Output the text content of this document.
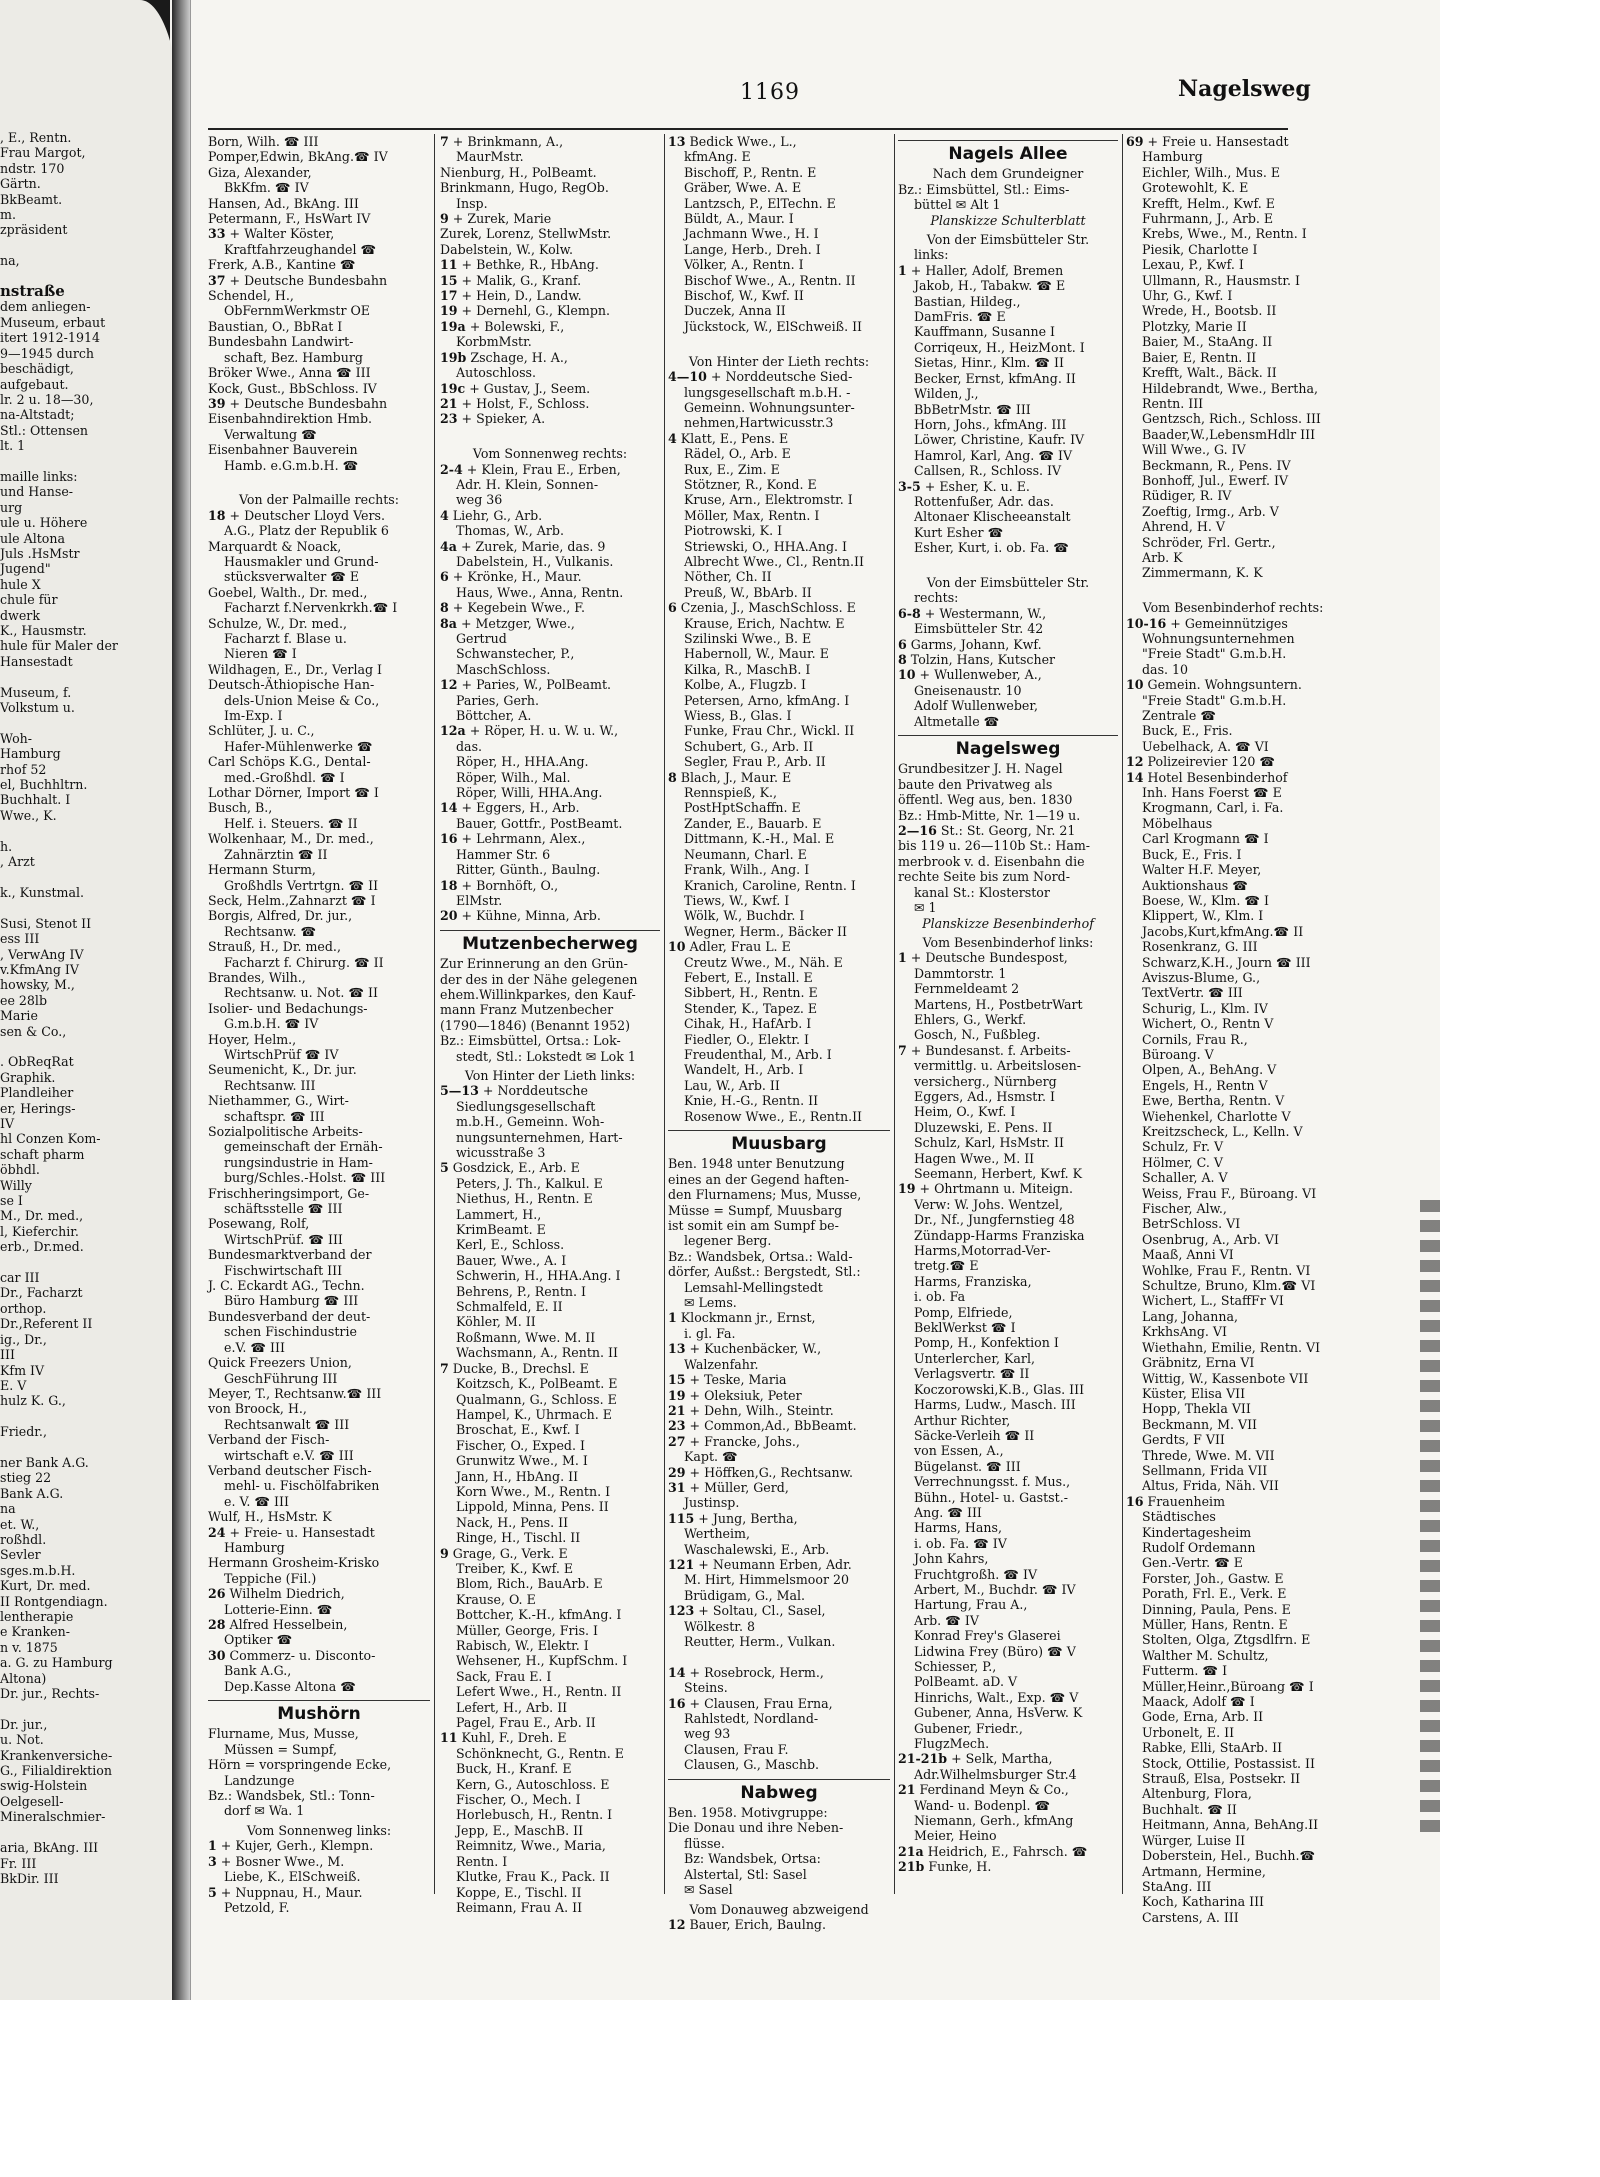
, E., Rentn.
Frau Margot,
ndstr. 170
Gärtn.
BkBeamt.
m.
zpräsident

na,

nstraße
dem anliegen-
Museum, erbaut
itert 1912-1914
9—1945 durch
beschädigt,
aufgebaut.
lr. 2 u. 18—30,
na-Altstadt;
Stl.: Ottensen
lt. 1

maille links:
und Hanse-
urg
ule u. Höhere
ule Altona
Juls .HsMstr
Jugend"
hule X
chule für
dwerk
K., Hausmstr.
hule für Maler der
Hansestadt

Museum, f.
Volkstum u.

Woh-
Hamburg
rhof 52
el, Buchhltrn.
Buchhalt. I
Wwe., K.

h.
, Arzt

k., Kunstmal.

Susi, Stenot II
ess III
, VerwAng IV
v.KfmAng IV
howsky, M.,
ee 28lb
Marie
sen & Co.,

. ObReqRat
Graphik.
Plandleiher
er, Herings-
IV
hl Conzen Kom-
schaft pharm
öbhdl.
Willy
se I
M., Dr. med.,
l, Kieferchir.
erb., Dr.med.

car III
Dr., Facharzt
orthop.
Dr.,Referent II
ig., Dr.,
III
Kfm IV
E. V
hulz K. G.,

Friedr.,

ner Bank A.G.
stieg 22
Bank A.G.
na
et. W.,
roßhdl.
Sevler
sges.m.b.H.
Kurt, Dr. med.
II Rontgendiagn.
lentherapie
e Kranken-
n v. 1875
a. G. zu Hamburg
Altona)
Dr. jur., Rechts-

Dr. jur.,
u. Not.
Krankenversiche-
G., Filialdirektion
swig-Holstein
Oelgesell-
Mineralschmier-

aria, BkAng. III
Fr. III
BkDir. III
1169	Nagelsweg
Born, Wilh. ☎ III
Pomper,Edwin, BkAng.☎ IV
Giza, Alexander,
BkKfm. ☎ IV
Hansen, Ad., BkAng. III
Petermann, F., HsWart IV
33 + Walter Köster,
Kraftfahrzeughandel ☎
Frerk, A.B., Kantine ☎
37 + Deutsche Bundesbahn
Schendel, H.,
ObFernmWerkmstr OE
Baustian, O., BbRat I
Bundesbahn Landwirt-
schaft, Bez. Hamburg
Bröker Wwe., Anna ☎ III
Kock, Gust., BbSchloss. IV
39 + Deutsche Bundesbahn
Eisenbahndirektion Hmb.
Verwaltung ☎
Eisenbahner Bauverein
Hamb. e.G.m.b.H. ☎

Von der Palmaille rechts:
18 + Deutscher Lloyd Vers.
A.G., Platz der Republik 6
Marquardt & Noack,
Hausmakler und Grund-
stücksverwalter ☎ E
Goebel, Walth., Dr. med.,
Facharzt f.Nervenkrkh.☎ I
Schulze, W., Dr. med.,
Facharzt f. Blase u.
Nieren ☎ I
Wildhagen, E., Dr., Verlag I
Deutsch-Äthiopische Han-
dels-Union Meise & Co.,
Im-Exp. I
Schlüter, J. u. C.,
Hafer-Mühlenwerke ☎
Carl Schöps K.G., Dental-
med.-Großhdl. ☎ I
Lothar Dörner, Import ☎ I
Busch, B.,
Helf. i. Steuers. ☎ II
Wolkenhaar, M., Dr. med.,
Zahnärztin ☎ II
Hermann Sturm,
Großhdls Vertrtgn. ☎ II
Seck, Helm.,Zahnarzt ☎ I
Borgis, Alfred, Dr. jur.,
Rechtsanw. ☎
Strauß, H., Dr. med.,
Facharzt f. Chirurg. ☎ II
Brandes, Wilh.,
Rechtsanw. u. Not. ☎ II
Isolier- und Bedachungs-
G.m.b.H. ☎ IV
Hoyer, Helm.,
WirtschPrüf ☎ IV
Seumenicht, K., Dr. jur.
Rechtsanw. III
Niethammer, G., Wirt-
schaftspr. ☎ III
Sozialpolitische Arbeits-
gemeinschaft der Ernäh-
rungsindustrie in Ham-
burg/Schles.-Holst. ☎ III
Frischheringsimport, Ge-
schäftsstelle ☎ III
Posewang, Rolf,
WirtschPrüf. ☎ III
Bundesmarktverband der
Fischwirtschaft III
J. C. Eckardt AG., Techn.
Büro Hamburg ☎ III
Bundesverband der deut-
schen Fischindustrie
e.V. ☎ III
Quick Freezers Union,
GeschFührung III
Meyer, T., Rechtsanw.☎ III
von Broock, H.,
Rechtsanwalt ☎ III
Verband der Fisch-
wirtschaft e.V. ☎ III
Verband deutscher Fisch-
mehl- u. Fischölfabriken
e. V. ☎ III
Wulf, H., HsMstr. K
24 + Freie- u. Hansestadt
Hamburg
Hermann Grosheim-Krisko
Teppiche (Fil.)
26 Wilhelm Diedrich,
Lotterie-Einn. ☎
28 Alfred Hesselbein,
Optiker ☎
30 Commerz- u. Disconto-
Bank A.G.,
Dep.Kasse Altona ☎
Mushörn
Flurname, Mus, Musse,
Müssen = Sumpf,
Hörn = vorspringende Ecke,
Landzunge
Bz.: Wandsbek, Stl.: Tonn-
dorf ✉ Wa. 1
Vom Sonnenweg links:
1 + Kujer, Gerh., Klempn.
3 + Bosner Wwe., M.
Liebe, K., ElSchweiß.
5 + Nuppnau, H., Maur.
Petzold, F.
7 + Brinkmann, A.,
MaurMstr.
Nienburg, H., PolBeamt.
Brinkmann, Hugo, RegOb.
Insp.
9 + Zurek, Marie
Zurek, Lorenz, StellwMstr.
Dabelstein, W., Kolw.
11 + Bethke, R., HbAng.
15 + Malik, G., Kranf.
17 + Hein, D., Landw.
19 + Dernehl, G., Klempn.
19a + Bolewski, F.,
KorbmMstr.
19b Zschage, H. A.,
Autoschloss.
19c + Gustav, J., Seem.
21 + Holst, F., Schloss.
23 + Spieker, A.

Vom Sonnenweg rechts:
2-4 + Klein, Frau E., Erben,
Adr. H. Klein, Sonnen-
weg 36
4 Liehr, G., Arb.
Thomas, W., Arb.
4a + Zurek, Marie, das. 9
Dabelstein, H., Vulkanis.
6 + Krönke, H., Maur.
Haus, Wwe., Anna, Rentn.
8 + Kegebein Wwe., F.
8a + Metzger, Wwe.,
Gertrud
Schwanstecher, P.,
MaschSchloss.
12 + Paries, W., PolBeamt.
Paries, Gerh.
Böttcher, A.
12a + Röper, H. u. W. u. W.,
das.
Röper, H., HHA.Ang.
Röper, Wilh., Mal.
Röper, Willi, HHA.Ang.
14 + Eggers, H., Arb.
Bauer, Gottfr., PostBeamt.
16 + Lehrmann, Alex.,
Hammer Str. 6
Ritter, Günth., Baulng.
18 + Bornhöft, O.,
ElMstr.
20 + Kühne, Minna, Arb.
Mutzenbecherweg
Zur Erinnerung an den Grün-
der des in der Nähe gelegenen
ehem.Willinkparkes, den Kauf-
mann Franz Mutzenbecher
(1790—1846) (Benannt 1952)
Bz.: Eimsbüttel, Ortsa.: Lok-
stedt, Stl.: Lokstedt ✉ Lok 1
Von Hinter der Lieth links:
5—13 + Norddeutsche
Siedlungsgesellschaft
m.b.H., Gemeinn. Woh-
nungsunternehmen, Hart-
wicusstraße 3
5 Gosdzick, E., Arb. E
Peters, J. Th., Kalkul. E
Niethus, H., Rentn. E
Lammert, H.,
KrimBeamt. E
Kerl, E., Schloss.
Bauer, Wwe., A. I
Schwerin, H., HHA.Ang. I
Behrens, P., Rentn. I
Schmalfeld, E. II
Köhler, M. II
Roßmann, Wwe. M. II
Wachsmann, A., Rentn. II
7 Ducke, B., Drechsl. E
Koitzsch, K., PolBeamt. E
Qualmann, G., Schloss. E
Hampel, K., Uhrmach. E
Broschat, E., Kwf. I
Fischer, O., Exped. I
Grunwitz Wwe., M. I
Jann, H., HbAng. II
Korn Wwe., M., Rentn. I
Lippold, Minna, Pens. II
Nack, H., Pens. II
Ringe, H., Tischl. II
9 Grage, G., Verk. E
Treiber, K., Kwf. E
Blom, Rich., BauArb. E
Krause, O. E
Bottcher, K.-H., kfmAng. I
Müller, George, Fris. I
Rabisch, W., Elektr. I
Wehsener, H., KupfSchm. I
Sack, Frau E. I
Lefert Wwe., H., Rentn. II
Lefert, H., Arb. II
Pagel, Frau E., Arb. II
11 Kuhl, F., Dreh. E
Schönknecht, G., Rentn. E
Buck, H., Kranf. E
Kern, G., Autoschloss. E
Fischer, O., Mech. I
Horlebusch, H., Rentn. I
Jepp, E., MaschB. II
Reimnitz, Wwe., Maria,
Rentn. I
Klutke, Frau K., Pack. II
Koppe, E., Tischl. II
Reimann, Frau A. II
13 Bedick Wwe., L.,
kfmAng. E
Bischoff, P., Rentn. E
Gräber, Wwe. A. E
Lantzsch, P., ElTechn. E
Büldt, A., Maur. I
Jachmann Wwe., H. I
Lange, Herb., Dreh. I
Völker, A., Rentn. I
Bischof Wwe., A., Rentn. II
Bischof, W., Kwf. II
Duczek, Anna II
Jückstock, W., ElSchweiß. II

Von Hinter der Lieth rechts:
4—10 + Norddeutsche Sied-
lungsgesellschaft m.b.H. -
Gemeinn. Wohnungsunter-
nehmen,Hartwicusstr.3
4 Klatt, E., Pens. E
Rädel, O., Arb. E
Rux, E., Zim. E
Stötzner, R., Kond. E
Kruse, Arn., Elektromstr. I
Möller, Max, Rentn. I
Piotrowski, K. I
Striewski, O., HHA.Ang. I
Albrecht Wwe., Cl., Rentn.II
Nöther, Ch. II
Preuß, W., BbArb. II
6 Czenia, J., MaschSchloss. E
Krause, Erich, Nachtw. E
Szilinski Wwe., B. E
Habernoll, W., Maur. E
Kilka, R., MaschB. I
Kolbe, A., Flugzb. I
Petersen, Arno, kfmAng. I
Wiess, B., Glas. I
Funke, Frau Chr., Wickl. II
Schubert, G., Arb. II
Segler, Frau P., Arb. II
8 Blach, J., Maur. E
Rennspieß, K.,
PostHptSchaffn. E
Zander, E., Bauarb. E
Dittmann, K.-H., Mal. E
Neumann, Charl. E
Frank, Wilh., Ang. I
Kranich, Caroline, Rentn. I
Tiews, W., Kwf. I
Wölk, W., Buchdr. I
Wegner, Herm., Bäcker II
10 Adler, Frau L. E
Creutz Wwe., M., Näh. E
Febert, E., Install. E
Sibbert, H., Rentn. E
Stender, K., Tapez. E
Cihak, H., HafArb. I
Fiedler, O., Elektr. I
Freudenthal, M., Arb. I
Wandelt, H., Arb. I
Lau, W., Arb. II
Knie, H.-G., Rentn. II
Rosenow Wwe., E., Rentn.II
Muusbarg
Ben. 1948 unter Benutzung
eines an der Gegend haften-
den Flurnamens; Mus, Musse,
Müsse = Sumpf, Muusbarg
ist somit ein am Sumpf be-
legener Berg.
Bz.: Wandsbek, Ortsa.: Wald-
dörfer, Außst.: Bergstedt, Stl.:
Lemsahl-Mellingstedt
✉ Lems.
1 Klockmann jr., Ernst,
i. gl. Fa.
13 + Kuchenbäcker, W.,
Walzenfahr.
15 + Teske, Maria
19 + Oleksiuk, Peter
21 + Dehn, Wilh., Steintr.
23 + Common,Ad., BbBeamt.
27 + Francke, Johs.,
Kapt. ☎
29 + Höffken,G., Rechtsanw.
31 + Müller, Gerd,
Justinsp.
115 + Jung, Bertha,
Wertheim,
Waschalewski, E., Arb.
121 + Neumann Erben, Adr.
M. Hirt, Himmelsmoor 20
Brüdigam, G., Mal.
123 + Soltau, Cl., Sasel,
Wölkestr. 8
Reutter, Herm., Vulkan.

14 + Rosebrock, Herm.,
Steins.
16 + Clausen, Frau Erna,
Rahlstedt, Nordland-
weg 93
Clausen, Frau F.
Clausen, G., Maschb.
Nabweg
Ben. 1958. Motivgruppe:
Die Donau und ihre Neben-
flüsse.
Bz: Wandsbek, Ortsa:
Alstertal, Stl: Sasel
✉ Sasel
Vom Donauweg abzweigend
12 Bauer, Erich, Baulng.
Nagels Allee
Nach dem Grundeigner
Bz.: Eimsbüttel, Stl.: Eims-
büttel ✉ Alt 1
Planskizze Schulterblatt
Von der Eimsbütteler Str.
links:
1 + Haller, Adolf, Bremen
Jakob, H., Tabakw. ☎ E
Bastian, Hildeg.,
DamFris. ☎ E
Kauffmann, Susanne I
Corriqeux, H., HeizMont. I
Sietas, Hinr., Klm. ☎ II
Becker, Ernst, kfmAng. II
Wilden, J.,
BbBetrMstr. ☎ III
Horn, Johs., kfmAng. III
Löwer, Christine, Kaufr. IV
Hamrol, Karl, Ang. ☎ IV
Callsen, R., Schloss. IV
3-5 + Esher, K. u. E.
Rottenfußer, Adr. das.
Altonaer Klischeeanstalt
Kurt Esher ☎
Esher, Kurt, i. ob. Fa. ☎

Von der Eimsbütteler Str.
rechts:
6-8 + Westermann, W.,
Eimsbütteler Str. 42
6 Garms, Johann, Kwf.
8 Tolzin, Hans, Kutscher
10 + Wullenweber, A.,
Gneisenaustr. 10
Adolf Wullenweber,
Altmetalle ☎
Nagelsweg
Grundbesitzer J. H. Nagel
baute den Privatweg als
öffentl. Weg aus, ben. 1830
Bz.: Hmb-Mitte, Nr. 1—19 u.
2—16 St.: St. Georg, Nr. 21
bis 119 u. 26—110b St.: Ham-
merbrook v. d. Eisenbahn die
rechte Seite bis zum Nord-
kanal St.: Klosterstor
✉ 1
Planskizze Besenbinderhof
Vom Besenbinderhof links:
1 + Deutsche Bundespost,
Dammtorstr. 1
Fernmeldeamt 2
Martens, H., PostbetrWart
Ehlers, G., Werkf.
Gosch, N., Fußbleg.
7 + Bundesanst. f. Arbeits-
vermittlg. u. Arbeitslosen-
versicherg., Nürnberg
Eggers, Ad., Hsmstr. I
Heim, O., Kwf. I
Dluzewski, E. Pens. II
Schulz, Karl, HsMstr. II
Hagen Wwe., M. II
Seemann, Herbert, Kwf. K
19 + Ohrtmann u. Miteign.
Verw: W. Johs. Wentzel,
Dr., Nf., Jungfernstieg 48
Zündapp-Harms Franziska
Harms,Motorrad-Ver-
tretg.☎ E
Harms, Franziska,
i. ob. Fa
Pomp, Elfriede,
BeklWerkst ☎ I
Pomp, H., Konfektion I
Unterlercher, Karl,
Verlagsvertr. ☎ II
Koczorowski,K.B., Glas. III
Harms, Ludw., Masch. III
Arthur Richter,
Säcke-Verleih ☎ II
von Essen, A.,
Bügelanst. ☎ III
Verrechnungsst. f. Mus.,
Bühn., Hotel- u. Gastst.-
Ang. ☎ III
Harms, Hans,
i. ob. Fa. ☎ IV
John Kahrs,
Fruchtgroßh. ☎ IV
Arbert, M., Buchdr. ☎ IV
Hartung, Frau A.,
Arb. ☎ IV
Konrad Frey's Glaserei
Lidwina Frey (Büro) ☎ V
Schiesser, P.,
PolBeamt. aD. V
Hinrichs, Walt., Exp. ☎ V
Gubener, Anna, HsVerw. K
Gubener, Friedr.,
FlugzMech.
21-21b + Selk, Martha,
Adr.Wilhelmsburger Str.4
21 Ferdinand Meyn & Co.,
Wand- u. Bodenpl. ☎
Niemann, Gerh., kfmAng
Meier, Heino
21a Heidrich, E., Fahrsch. ☎
21b Funke, H.
69 + Freie u. Hansestadt
Hamburg
Eichler, Wilh., Mus. E
Grotewohlt, K. E
Krefft, Helm., Kwf. E
Fuhrmann, J., Arb. E
Krebs, Wwe., M., Rentn. I
Piesik, Charlotte I
Lexau, P., Kwf. I
Ullmann, R., Hausmstr. I
Uhr, G., Kwf. I
Wrede, H., Bootsb. II
Plotzky, Marie II
Baier, M., StaAng. II
Baier, E, Rentn. II
Krefft, Walt., Bäck. II
Hildebrandt, Wwe., Bertha,
Rentn. III
Gentzsch, Rich., Schloss. III
Baader,W.,LebensmHdlr III
Will Wwe., G. IV
Beckmann, R., Pens. IV
Bonhoff, Jul., Ewerf. IV
Rüdiger, R. IV
Zoeftig, Irmg., Arb. V
Ahrend, H. V
Schröder, Frl. Gertr.,
Arb. K
Zimmermann, K. K

Vom Besenbinderhof rechts:
10-16 + Gemeinnütziges
Wohnungsunternehmen
"Freie Stadt" G.m.b.H.
das. 10
10 Gemein. Wohngsuntern.
"Freie Stadt" G.m.b.H.
Zentrale ☎
Buck, E., Fris.
Uebelhack, A. ☎ VI
12 Polizeirevier 120 ☎
14 Hotel Besenbinderhof
Inh. Hans Foerst ☎ E
Krogmann, Carl, i. Fa.
Möbelhaus
Carl Krogmann ☎ I
Buck, E., Fris. I
Walter H.F. Meyer,
Auktionshaus ☎
Boese, W., Klm. ☎ I
Klippert, W., Klm. I
Jacobs,Kurt,kfmAng.☎ II
Rosenkranz, G. III
Schwarz,K.H., Journ ☎ III
Aviszus-Blume, G.,
TextVertr. ☎ III
Schurig, L., Klm. IV
Wichert, O., Rentn V
Cornils, Frau R.,
Büroang. V
Olpen, A., BehAng. V
Engels, H., Rentn V
Ewe, Bertha, Rentn. V
Wiehenkel, Charlotte V
Kreitzscheck, L., Kelln. V
Schulz, Fr. V
Hölmer, C. V
Schaller, A. V
Weiss, Frau F., Büroang. VI
Fischer, Alw.,
BetrSchloss. VI
Osenbrug, A., Arb. VI
Maaß, Anni VI
Wohlke, Frau F., Rentn. VI
Schultze, Bruno, Klm.☎ VI
Wichert, L., StaffFr VI
Lang, Johanna,
KrkhsAng. VI
Wiethahn, Emilie, Rentn. VI
Gräbnitz, Erna VI
Wittig, W., Kassenbote VII
Küster, Elisa VII
Hopp, Thekla VII
Beckmann, M. VII
Gerdts, F VII
Threde, Wwe. M. VII
Sellmann, Frida VII
Altus, Frida, Näh. VII
16 Frauenheim
Städtisches
Kindertagesheim
Rudolf Ordemann
Gen.-Vertr. ☎ E
Forster, Joh., Gastw. E
Porath, Frl. E., Verk. E
Dinning, Paula, Pens. E
Müller, Hans, Rentn. E
Stolten, Olga, Ztgsdlfrn. E
Walther M. Schultz,
Futterm. ☎ I
Müller,Heinr.,Büroang ☎ I
Maack, Adolf ☎ I
Gode, Erna, Arb. II
Urbonelt, E. II
Rabke, Elli, StaArb. II
Stock, Ottilie, Postassist. II
Strauß, Elsa, Postsekr. II
Altenburg, Flora,
Buchhalt. ☎ II
Heitmann, Anna, BehAng.II
Würger, Luise II
Doberstein, Hel., Buchh.☎
Artmann, Hermine,
StaAng. III
Koch, Katharina III
Carstens, A. III
